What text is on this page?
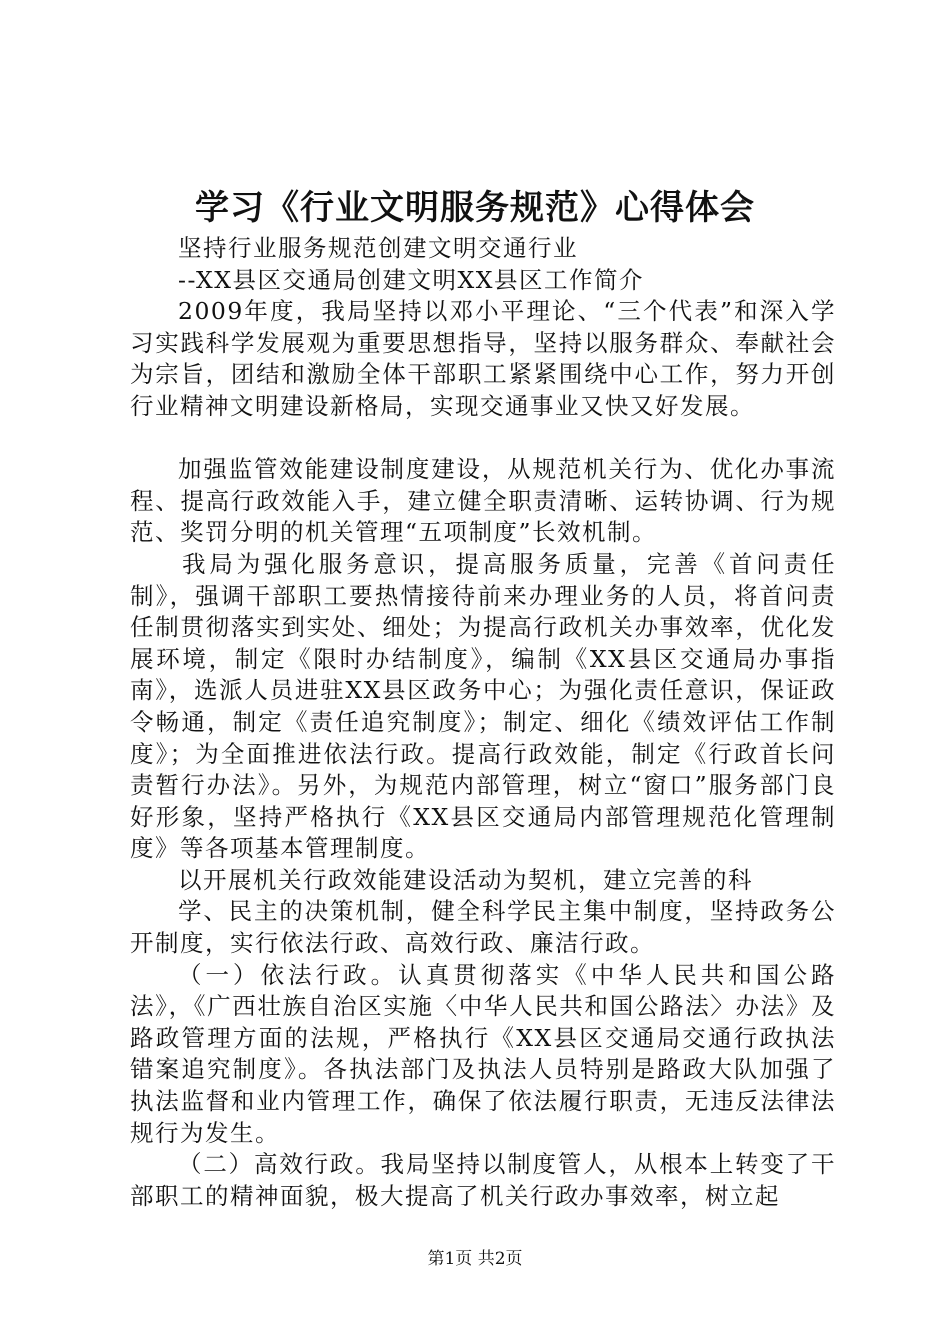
学习《行业文明服务规范》心得体会

坚持行业服务规范创建文明交通行业

--XX县区交通局创建文明XX县区工作简介

2009年度，我局坚持以邓小平理论、“三个代表”和深入学习实践科学发展观为重要思想指导，坚持以服务群众、奉献社会为宗旨，团结和激励全体干部职工紧紧围绕中心工作，努力开创行业精神文明建设新格局，实现交通事业又快又好发展。

加强监管效能建设制度建设，从规范机关行为、优化办事流程、提高行政效能入手，建立健全职责清晰、运转协调、行为规范、奖罚分明的机关管理“五项制度”长效机制。

我局为强化服务意识，提高服务质量，完善《首问责任制》，强调干部职工要热情接待前来办理业务的人员，将首问责任制贯彻落实到实处、细处；为提高行政机关办事效率，优化发展环境，制定《限时办结制度》，编制《XX县区交通局办事指南》，选派人员进驻XX县区政务中心；为强化责任意识，保证政令畅通，制定《责任追究制度》；制定、细化《绩效评估工作制度》；为全面推进依法行政。提高行政效能，制定《行政首长问责暂行办法》。另外，为规范内部管理，树立“窗口”服务部门良好形象，坚持严格执行《XX县区交通局内部管理规范化管理制度》等各项基本管理制度。

以开展机关行政效能建设活动为契机，建立完善的科

学、民主的决策机制，健全科学民主集中制度，坚持政务公开制度，实行依法行政、高效行政、廉洁行政。

（一）依法行政。认真贯彻落实《中华人民共和国公路法》，《广西壮族自治区实施〈中华人民共和国公路法〉办法》及路政管理方面的法规，严格执行《XX县区交通局交通行政执法错案追究制度》。各执法部门及执法人员特别是路政大队加强了执法监督和业内管理工作，确保了依法履行职责，无违反法律法规行为发生。

（二）高效行政。我局坚持以制度管人，从根本上转变了干部职工的精神面貌，极大提高了机关行政办事效率，树立起

第1页 共2页
